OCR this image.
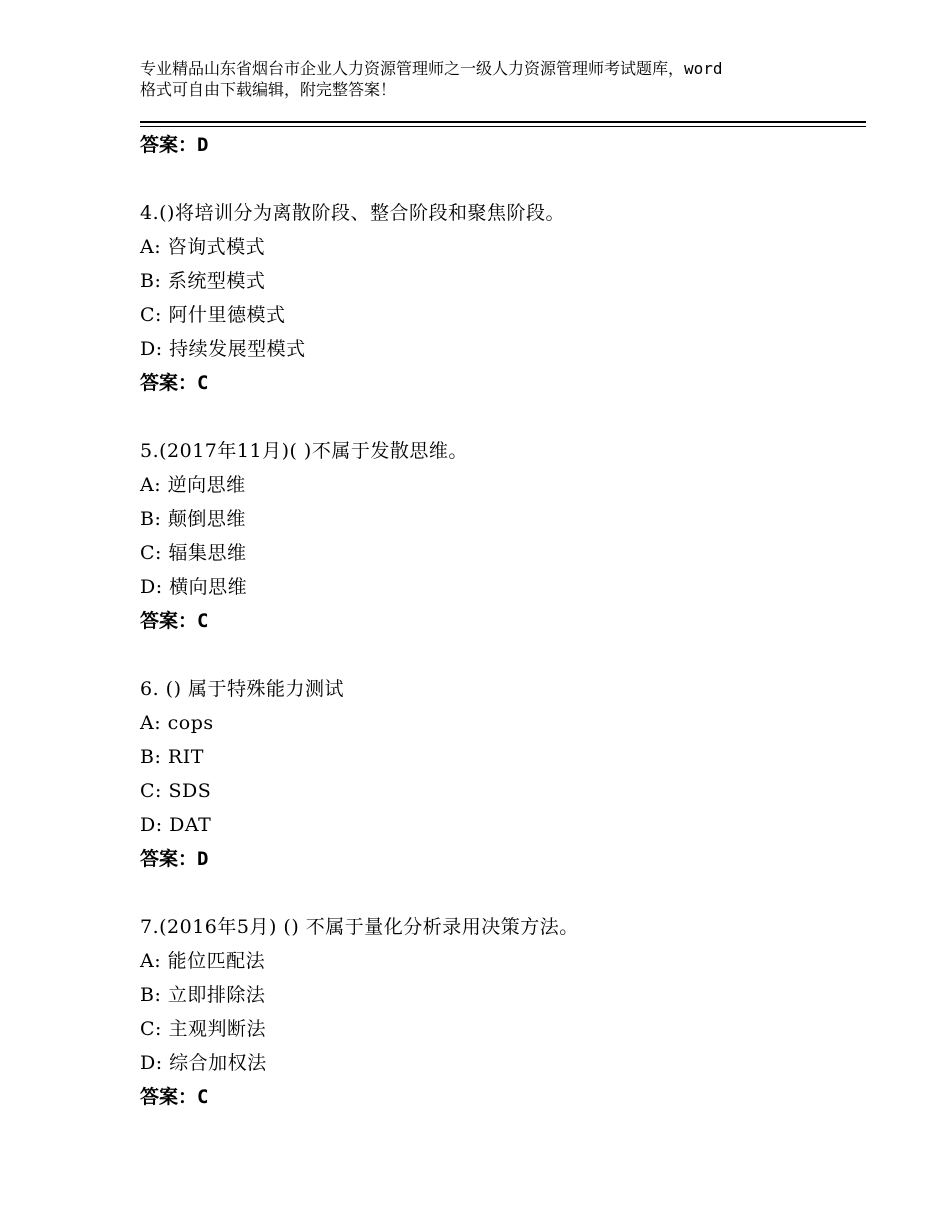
专业精品山东省烟台市企业人力资源管理师之一级人力资源管理师考试题库，word
格式可自由下载编辑，附完整答案！
答案：D
4.()将培训分为离散阶段、整合阶段和聚焦阶段。
A: 咨询式模式
B: 系统型模式
C: 阿什里德模式
D: 持续发展型模式
答案：C
5.(2017年11月)( )不属于发散思维。
A: 逆向思维
B: 颠倒思维
C: 辐集思维
D: 横向思维
答案：C
6. () 属于特殊能力测试
A: cops
B: RIT
C: SDS
D: DAT
答案：D
7.(2016年5月) () 不属于量化分析录用决策方法。
A: 能位匹配法
B: 立即排除法
C: 主观判断法
D: 综合加权法
答案：C
